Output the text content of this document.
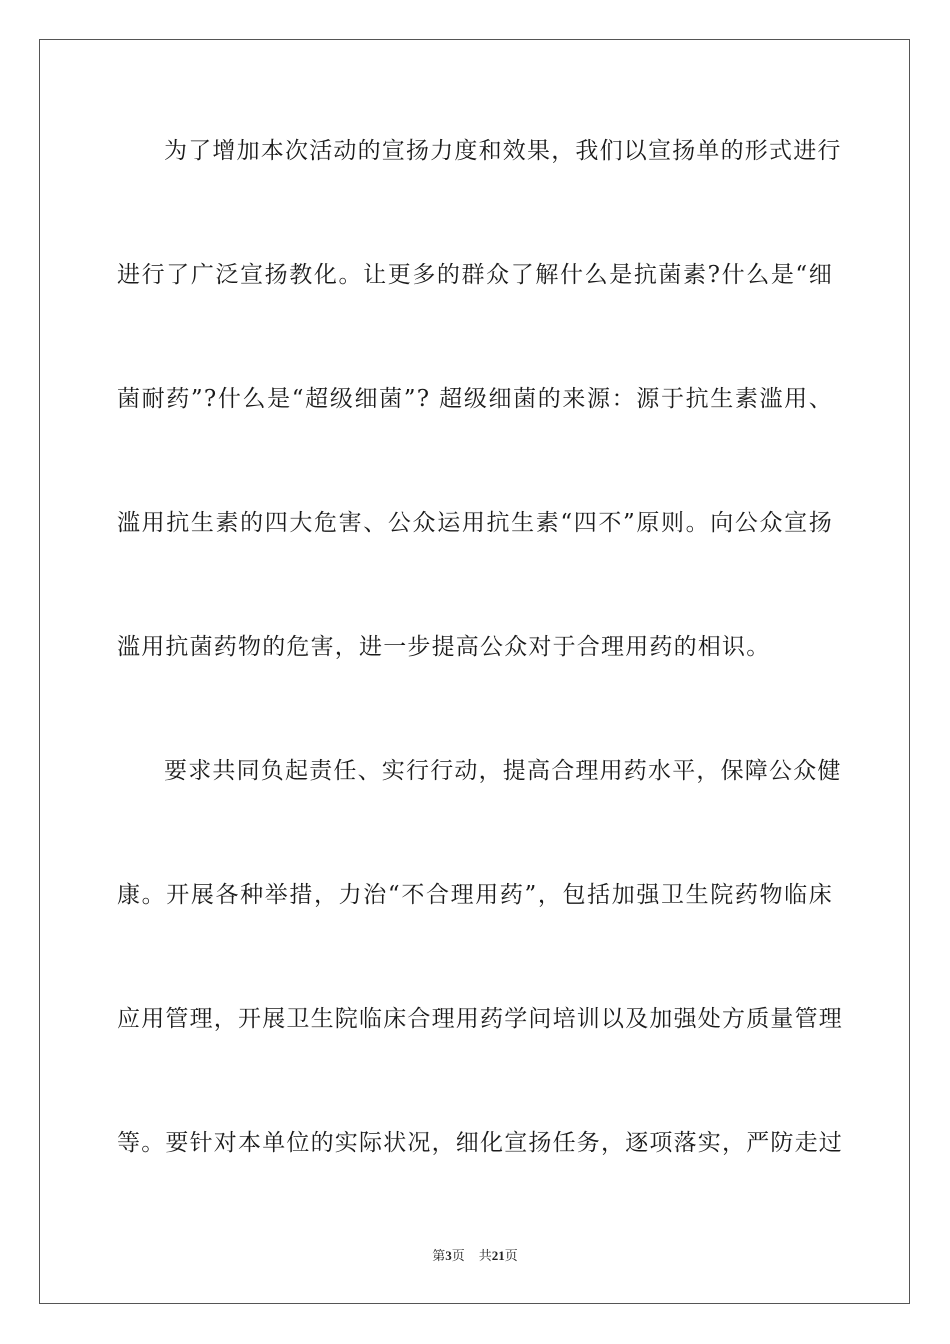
为了增加本次活动的宣扬力度和效果，我们以宣扬单的形式进行
进行了广泛宣扬教化。让更多的群众了解什么是抗菌素?什么是“细
菌耐药”?什么是“超级细菌”? 超级细菌的来源：源于抗生素滥用、
滥用抗生素的四大危害、公众运用抗生素“四不”原则。向公众宣扬
滥用抗菌药物的危害，进一步提高公众对于合理用药的相识。
要求共同负起责任、实行行动，提高合理用药水平，保障公众健
康。开展各种举措，力治“不合理用药”，包括加强卫生院药物临床
应用管理，开展卫生院临床合理用药学问培训以及加强处方质量管理
等。要针对本单位的实际状况，细化宣扬任务，逐项落实，严防走过
第3页 共21页
